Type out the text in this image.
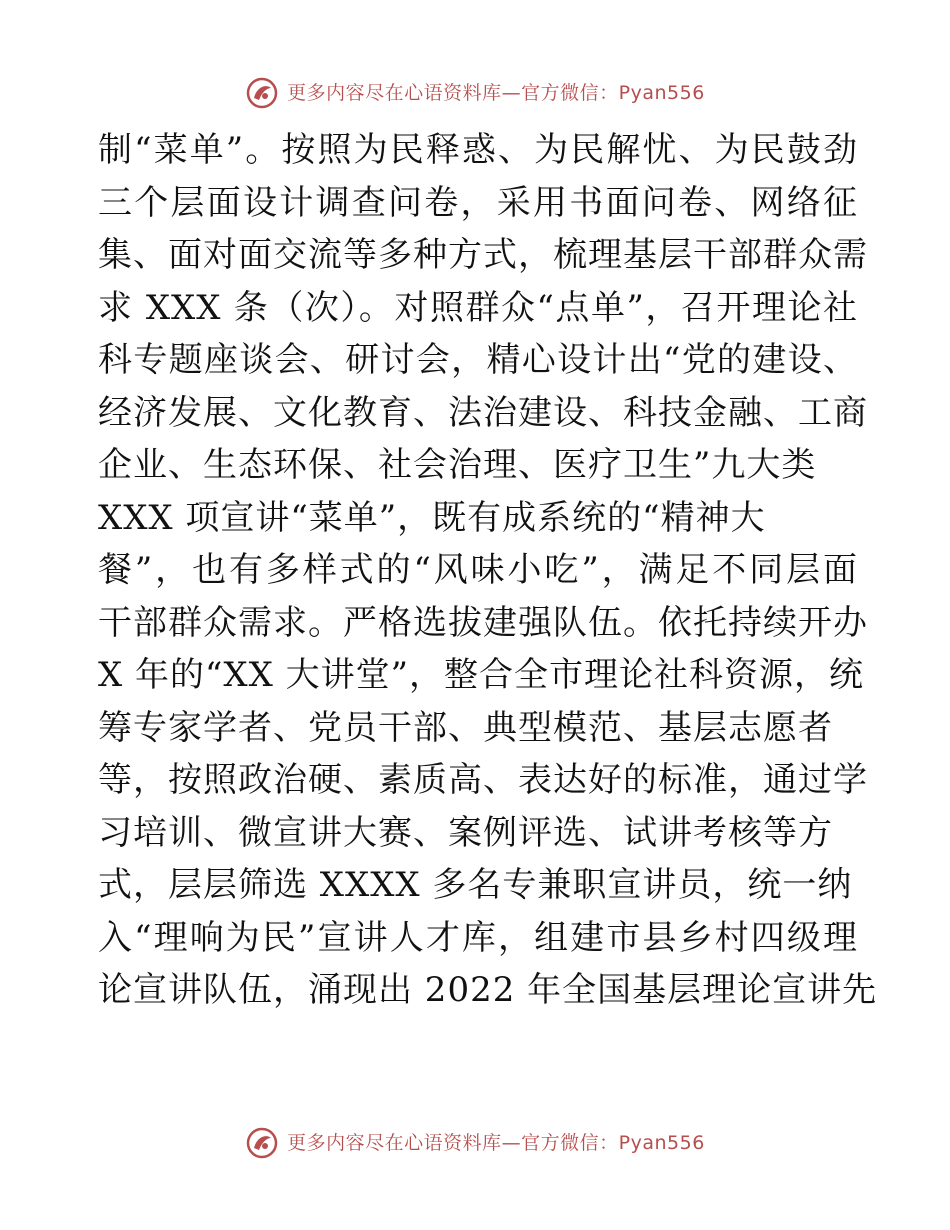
更多内容尽在心语资料库—官方微信：Pyan556
制“菜单”。按照为民释惑、为民解忧、为民鼓劲
三个层面设计调查问卷，采用书面问卷、网络征
集、面对面交流等多种方式，梳理基层干部群众需
求 XXX 条（次）。对照群众“点单”，召开理论社
科专题座谈会、研讨会，精心设计出“党的建设、
经济发展、文化教育、法治建设、科技金融、工商
企业、生态环保、社会治理、医疗卫生”九大类
XXX 项宣讲“菜单”，既有成系统的“精神大
餐”，也有多样式的“风味小吃”，满足不同层面
干部群众需求。严格选拔建强队伍。依托持续开办
X 年的“XX 大讲堂”，整合全市理论社科资源，统
筹专家学者、党员干部、典型模范、基层志愿者
等，按照政治硬、素质高、表达好的标准，通过学
习培训、微宣讲大赛、案例评选、试讲考核等方
式，层层筛选 XXXX 多名专兼职宣讲员，统一纳
入“理响为民”宣讲人才库，组建市县乡村四级理
论宣讲队伍，涌现出 2022 年全国基层理论宣讲先
更多内容尽在心语资料库—官方微信：Pyan556
